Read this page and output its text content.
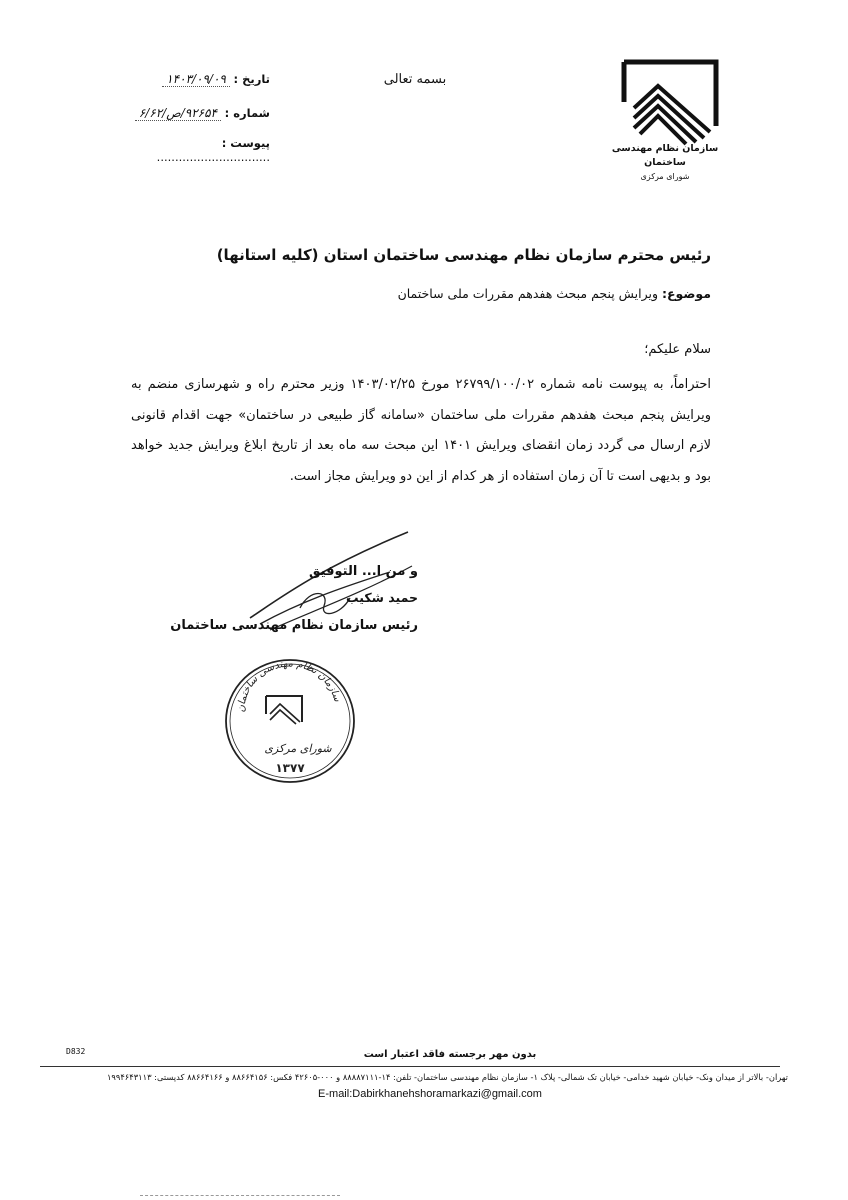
سازمان نظام مهندسی ساختمان
شورای مرکزی
بسمه تعالی
تاریخ : ۱۴۰۳/۰۹/۰۹
شماره : ۹۲۶۵۴/ص/۶/۶۲
پیوست : ...............................
رئیس محترم سازمان نظام مهندسی ساختمان استان (کلیه استانها)
موضوع: ویرایش پنجم مبحث هفدهم مقررات ملی ساختمان
سلام علیکم؛
احتراماً، به پیوست نامه شماره ۲۶۷۹۹/۱۰۰/۰۲ مورخ ۱۴۰۳/۰۲/۲۵ وزیر محترم راه و شهرسازی منضم به ویرایش پنجم مبحث هفدهم مقررات ملی ساختمان «سامانه گاز طبیعی در ساختمان» جهت اقدام قانونی لازم ارسال می گردد زمان انقضای ویرایش ۱۴۰۱ این مبحث سه ماه بعد از تاریخ ابلاغ ویرایش جدید خواهد بود و بدیهی است تا آن زمان استفاده از هر کدام از این دو ویرایش مجاز است.
و من ا... التوفیق
حمید شکیب
رئیس سازمان نظام مهندسی ساختمان
سازمان نظام مهندسی ساختمان
شورای مرکزی
۱۳۷۷
D832	بدون مهر برجسته فاقد اعتبار است
تهران- بالاتر از میدان ونک- خیابان شهید خدامی- خیابان تک شمالی- پلاک ۱- سازمان نظام مهندسی ساختمان- تلفن: ۱۴-۸۸۸۸۷۱۱۱ و ۰۰۰-۴۲۶۰۵ فکس: ۸۸۶۶۴۱۵۶ و ۸۸۶۶۴۱۶۶ کدپستی: ۱۹۹۴۶۴۳۱۱۳
E-mail:Dabirkhanehshoramarkazi@gmail.com
